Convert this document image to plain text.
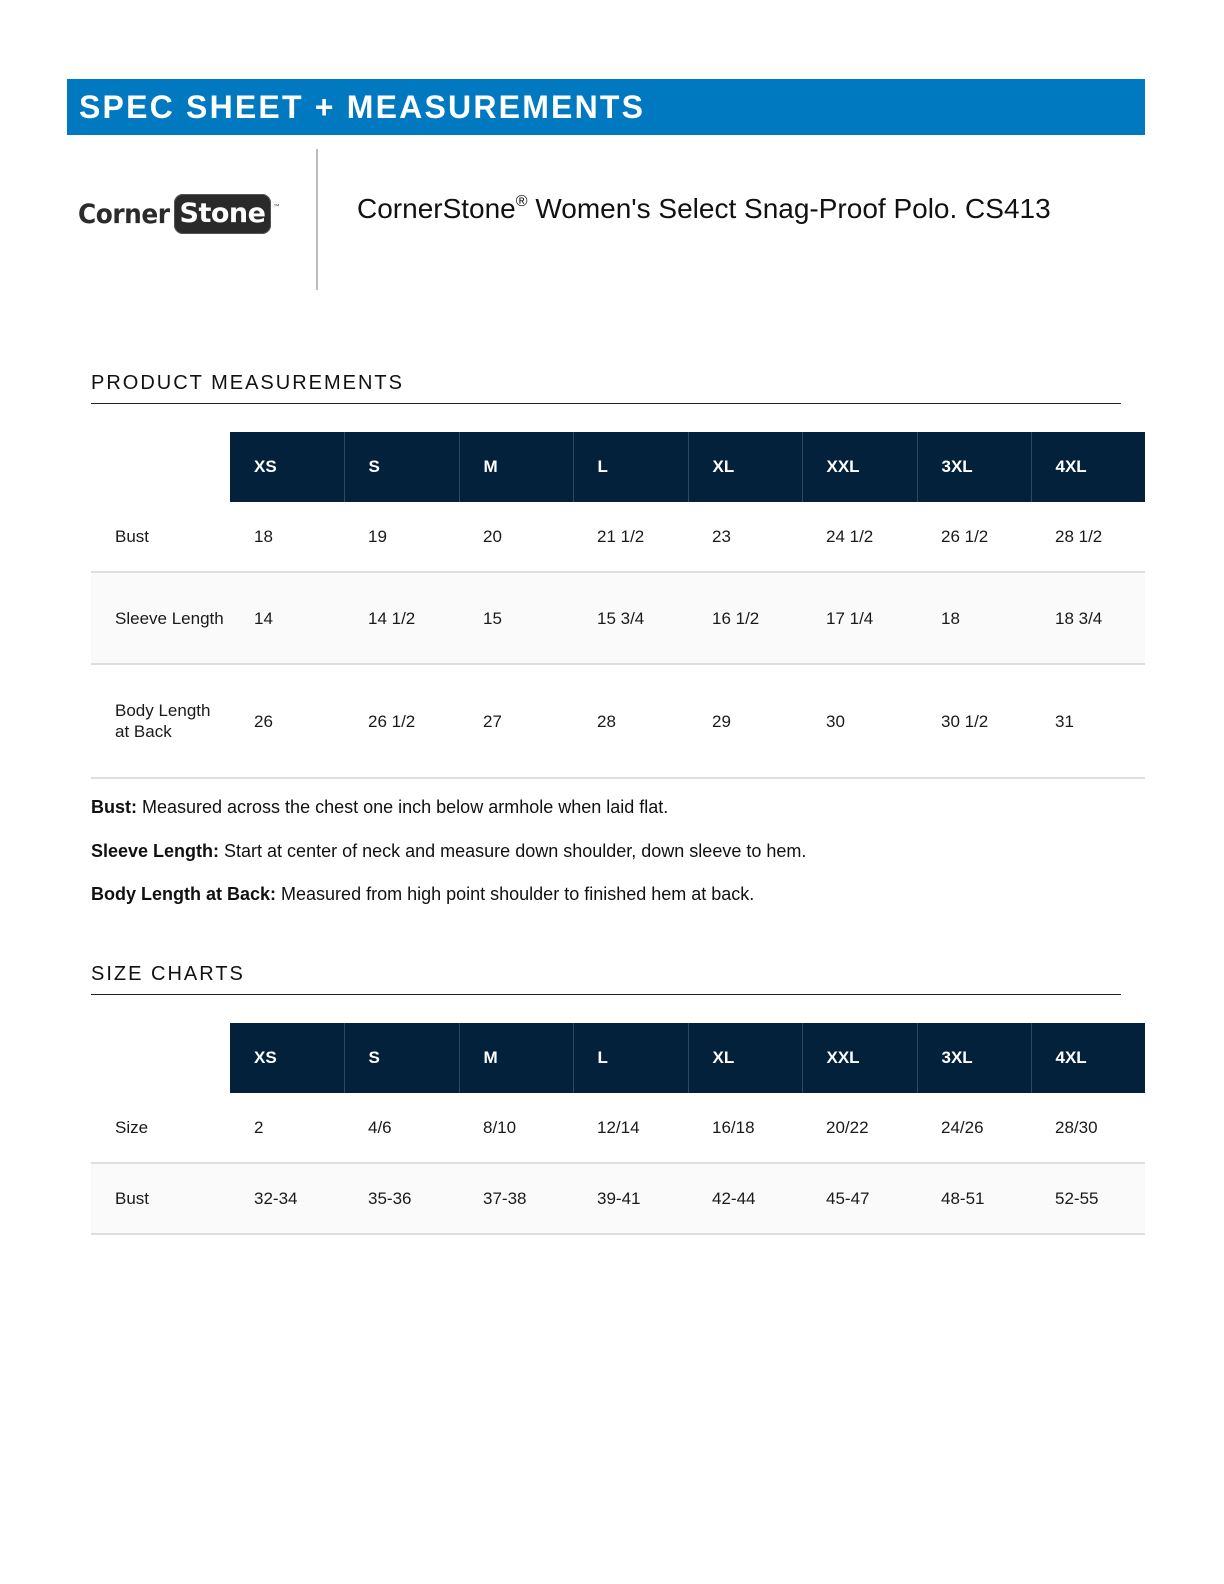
SPEC SHEET + MEASUREMENTS
Corner Stone	™	CornerStone® Women's Select Snag-Proof Polo. CS413
PRODUCT MEASUREMENTS
	XS	S	M	L	XL	XXL	3XL	4XL
Bust	18	19	20	21 1/2	23	24 1/2	26 1/2	28 1/2
Sleeve Length	14	14 1/2	15	15 3/4	16 1/2	17 1/4	18	18 3/4
Body Length at Back	26	26 1/2	27	28	29	30	30 1/2	31
Bust: Measured across the chest one inch below armhole when laid flat.
Sleeve Length: Start at center of neck and measure down shoulder, down sleeve to hem.
Body Length at Back: Measured from high point shoulder to finished hem at back.
SIZE CHARTS
	XS	S	M	L	XL	XXL	3XL	4XL
Size	2	4/6	8/10	12/14	16/18	20/22	24/26	28/30
Bust	32-34	35-36	37-38	39-41	42-44	45-47	48-51	52-55
